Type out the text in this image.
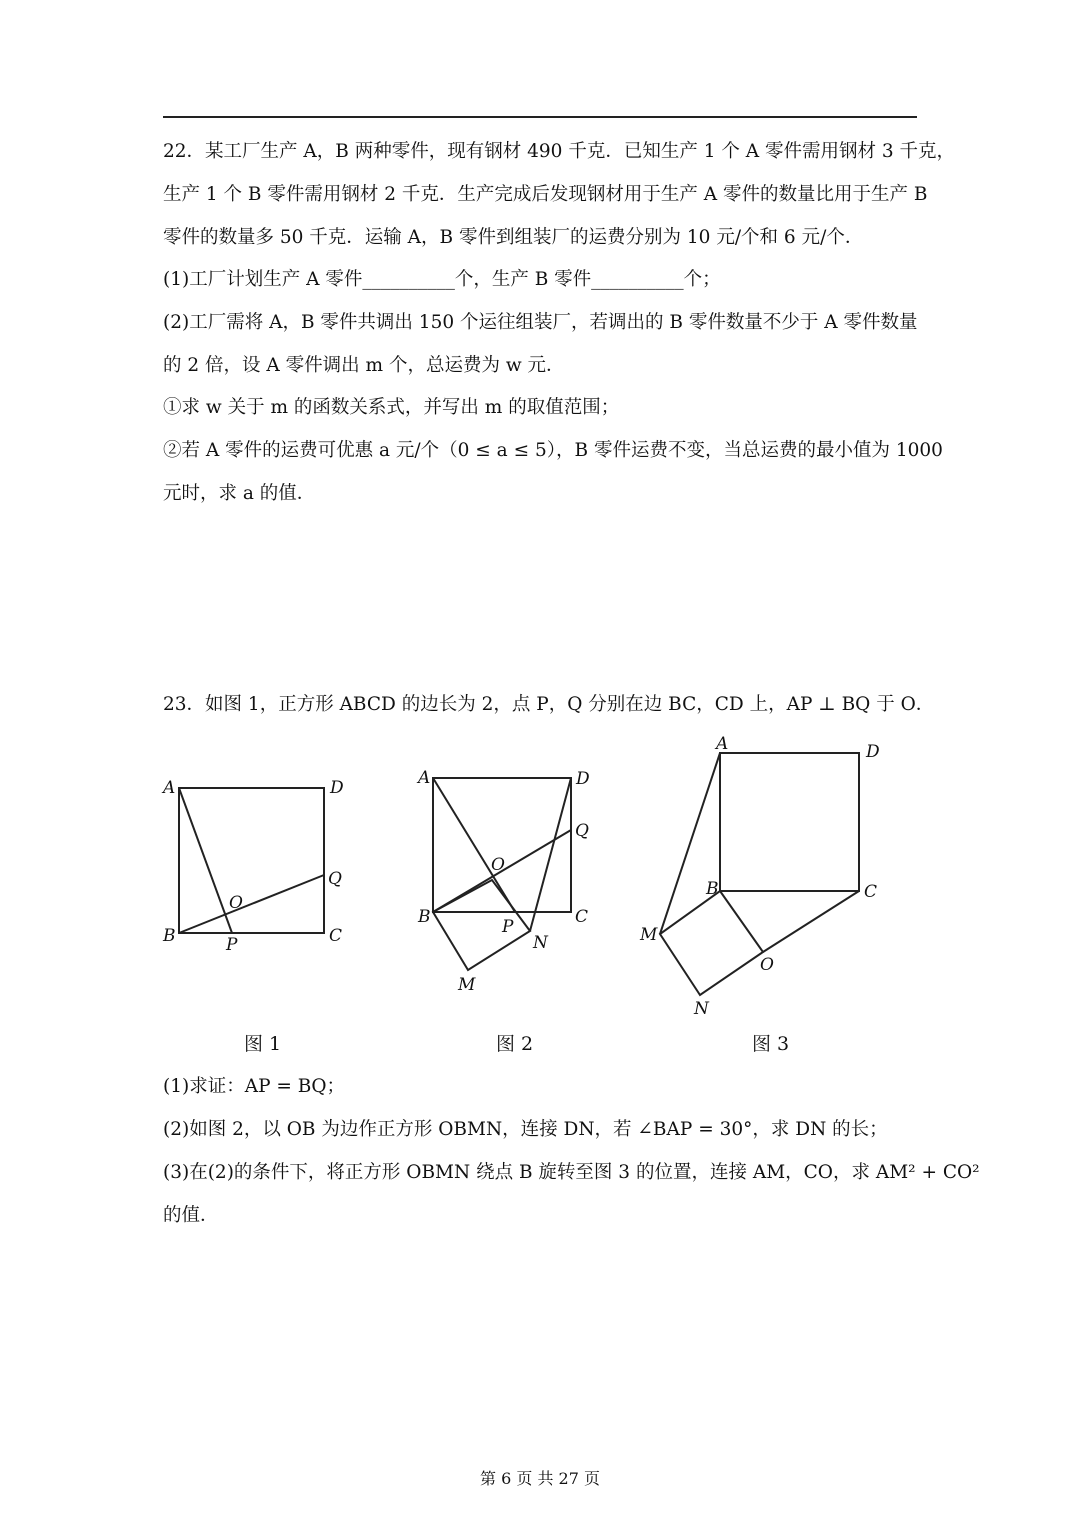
22．某工厂生产 A，B 两种零件，现有钢材 490 千克．已知生产 1 个 A 零件需用钢材 3 千克，
生产 1 个 B 零件需用钢材 2 千克．生产完成后发现钢材用于生产 A 零件的数量比用于生产 B
零件的数量多 50 千克．运输 A，B 零件到组装厂的运费分别为 10 元/个和 6 元/个．
(1)工厂计划生产 A 零件__________个，生产 B 零件__________个；
(2)工厂需将 A，B 零件共调出 150 个运往组装厂，若调出的 B 零件数量不少于 A 零件数量
的 2 倍，设 A 零件调出 m 个，总运费为 w 元．
①求 w 关于 m 的函数关系式，并写出 m 的取值范围；
②若 A 零件的运费可优惠 a 元/个（0 ≤ a ≤ 5），B 零件运费不变，当总运费的最小值为 1000
元时，求 a 的值．
23．如图 1，正方形 ABCD 的边长为 2，点 P，Q 分别在边 BC，CD 上，AP ⊥ BQ 于 O．
A	D
Q
O
B	P	C
A	D
Q
O
B	P	C
N
M
A	D
B	C
M
O
N
图 1	图 2	图 3
(1)求证：AP = BQ；
(2)如图 2，以 OB 为边作正方形 OBMN，连接 DN，若 ∠BAP = 30°，求 DN 的长；
(3)在(2)的条件下，将正方形 OBMN 绕点 B 旋转至图 3 的位置，连接 AM，CO，求 AM² + CO²
的值．
第 6 页 共 27 页
